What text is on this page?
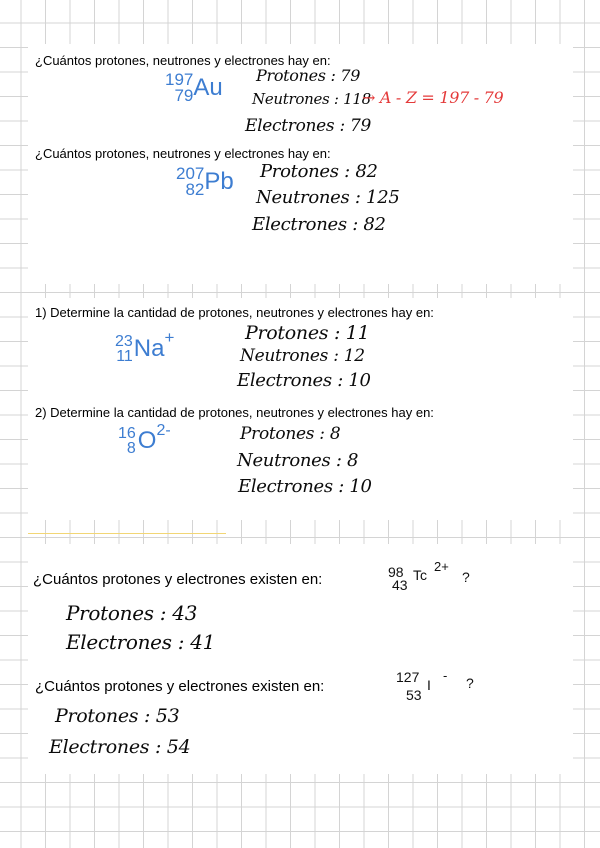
¿Cuántos protones, neutrones y electrones hay en:
197
79 Au Protones : 79
Neutrones : 118
→ A - Z = 197 - 79
Electrones : 79
¿Cuántos protones, neutrones y electrones hay en:
207
82 Pb Protones : 82
Neutrones : 125
Electrones : 82
1) Determine la cantidad de protones, neutrones y electrones hay en:
23
11 Na+	Protones : 11
Neutrones : 12
Electrones : 10
2) Determine la cantidad de protones, neutrones y electrones hay en:
16
8 O2-	Protones : 8
Neutrones : 8
Electrones : 10
¿Cuántos protones y electrones existen en:	98
43
Tc
2+
?
Protones : 43
Electrones : 41
¿Cuántos protones y electrones existen en:
127
53
I
- ?
Protones : 53
Electrones : 54
